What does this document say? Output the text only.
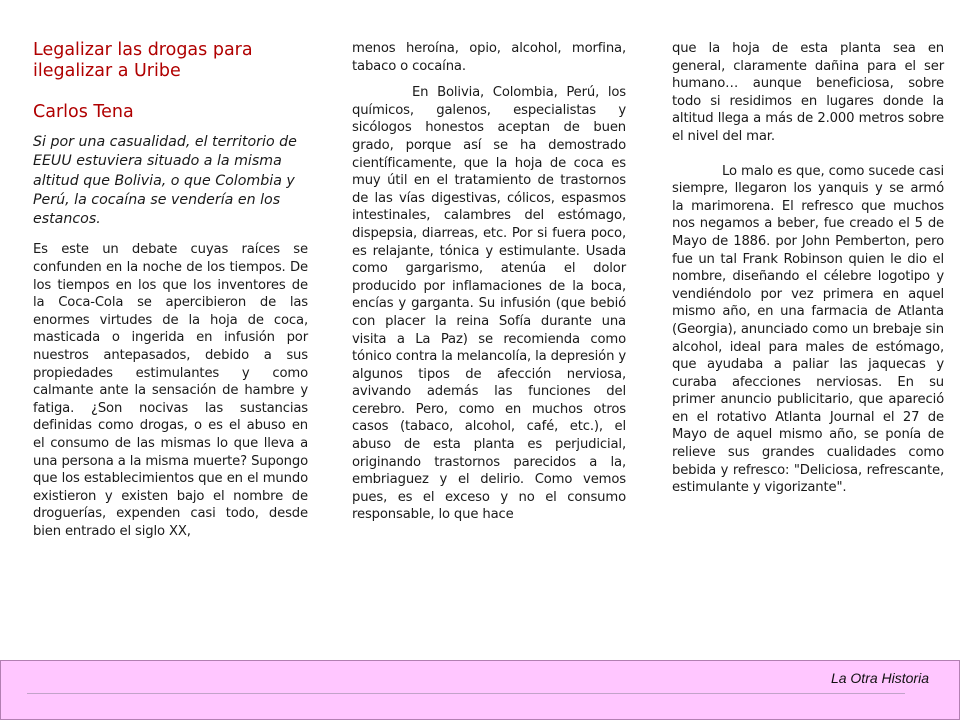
Legalizar las drogas para ilegalizar a Uribe
Carlos Tena
Si por una casualidad, el territorio de EEUU estuviera situado a la misma altitud que Bolivia, o que Colombia y Perú, la cocaína se vendería en los estancos.

Es este un debate cuyas raíces se confunden en la noche de los tiempos. De los tiempos en los que los inventores de la Coca-Cola se apercibieron de las enormes virtudes de la hoja de coca, masticada o ingerida en infusión por nuestros antepasados, debido a sus propiedades estimulantes y como calmante ante la sensación de hambre y fatiga. ¿Son nocivas las sustancias definidas como drogas, o es el abuso en el consumo de las mismas lo que lleva a una persona a la misma muerte? Supongo que los establecimientos que en el mundo existieron y existen bajo el nombre de droguerías, expenden casi todo, desde bien entrado el siglo XX,

menos heroína, opio, alcohol, morfina, tabaco o cocaína.

En Bolivia, Colombia, Perú, los químicos, galenos, especialistas y sicólogos honestos aceptan de buen grado, porque así se ha demostrado científicamente, que la hoja de coca es muy útil en el tratamiento de trastornos de las vías digestivas, cólicos, espasmos intestinales, calambres del estómago, dispepsia, diarreas, etc. Por si fuera poco, es relajante, tónica y estimulante. Usada como gargarismo, atenúa el dolor producido por inflamaciones de la boca, encías y garganta. Su infusión (que bebió con placer la reina Sofía durante una visita a La Paz) se recomienda como tónico contra la melancolía, la depresión y algunos tipos de afección nerviosa, avivando además las funciones del cerebro. Pero, como en muchos otros casos (tabaco, alcohol, café, etc.), el abuso de esta planta es perjudicial, originando trastornos parecidos a la, embriaguez y el delirio. Como vemos pues, es el exceso y no el consumo responsable, lo que hace

que la hoja de esta planta sea en general, claramente dañina para el ser humano… aunque beneficiosa, sobre todo si residimos en lugares donde la altitud llega a más de 2.000 metros sobre el nivel del mar.

Lo malo es que, como sucede casi siempre, llegaron los yanquis y se armó la marimorena. El refresco que muchos nos negamos a beber, fue creado el 5 de Mayo de 1886. por John Pemberton, pero fue un tal Frank Robinson quien le dio el nombre, diseñando el célebre logotipo y vendiéndolo por vez primera en aquel mismo año, en una farmacia de Atlanta (Georgia), anunciado como un brebaje sin alcohol, ideal para males de estómago, que ayudaba a paliar las jaquecas y curaba afecciones nerviosas. En su primer anuncio publicitario, que apareció en el rotativo Atlanta Journal el 27 de Mayo de aquel mismo año, se ponía de relieve sus grandes cualidades como bebida y refresco: "Deliciosa, refrescante, estimulante y vigorizante".

La Otra Historia
